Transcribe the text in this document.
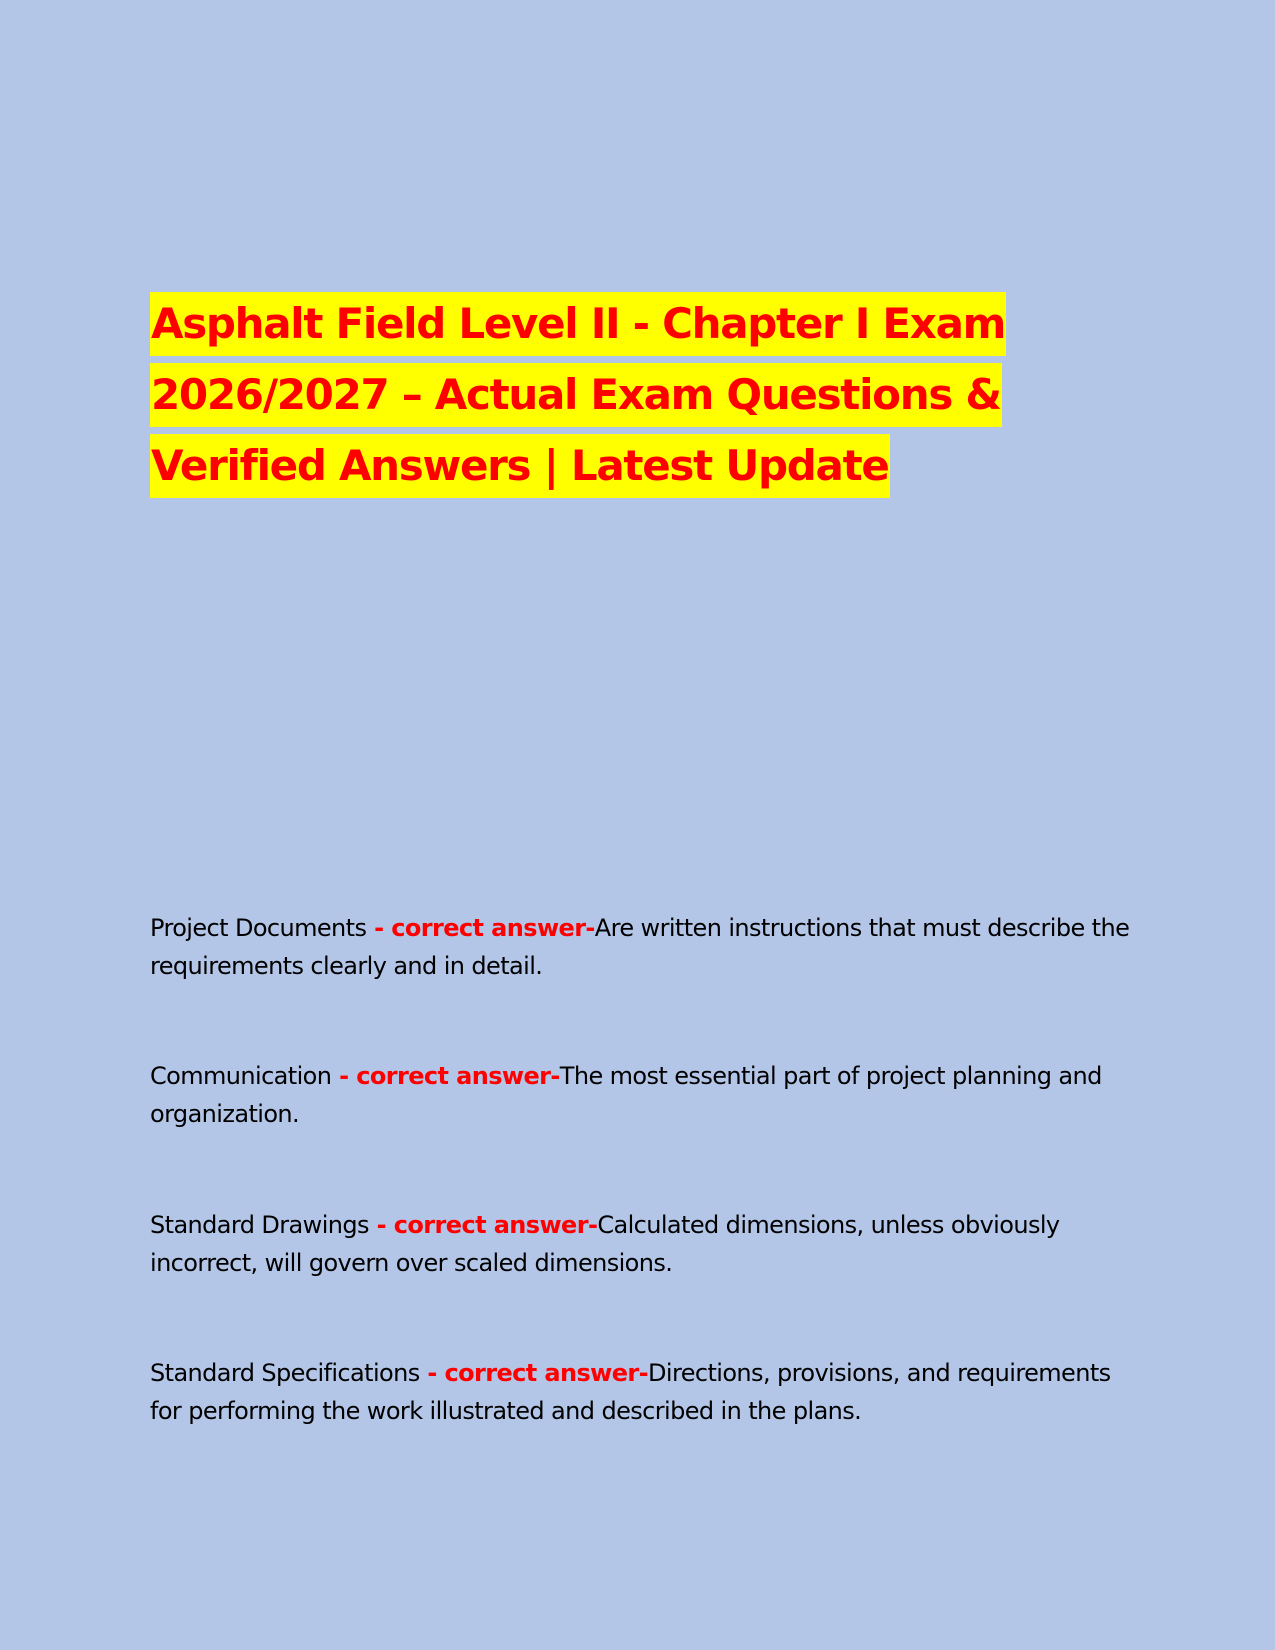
Asphalt Field Level II - Chapter I Exam

2026/2027 – Actual Exam Questions &

Verified Answers | Latest Update

Project Documents - correct answer-Are written instructions that must describe the requirements clearly and in detail.

Communication - correct answer-The most essential part of project planning and organization.

Standard Drawings - correct answer-Calculated dimensions, unless obviously incorrect, will govern over scaled dimensions.

Standard Specifications - correct answer-Directions, provisions, and requirements for performing the work illustrated and described in the plans.
